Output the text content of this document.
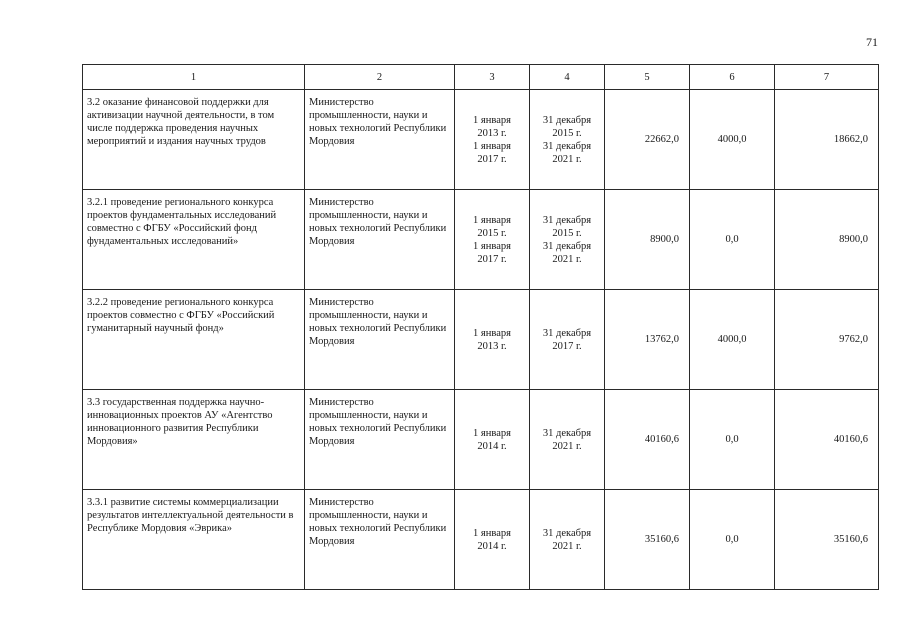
71
1	2	3	4	5	6	7
3.2 оказание финансовой поддержки для активизации научной деятельности, в том числе поддержка проведения научных мероприятий и издания научных трудов	Министерство промышленности, науки и новых технологий Республики Мордовия	1 января
2013 г.
1 января
2017 г.	31 декабря
2015 г.
31 декабря
2021 г.	22662,0	4000,0	18662,0
3.2.1 проведение регионального конкурса проектов фундаментальных исследований совместно с ФГБУ «Российский фонд фундаментальных исследований»	Министерство промышленности, науки и новых технологий Республики Мордовия	1 января
2015 г.
1 января
2017 г.	31 декабря
2015 г.
31 декабря
2021 г.	8900,0	0,0	8900,0
3.2.2 проведение регионального конкурса проектов совместно с ФГБУ «Российский гуманитарный научный фонд»	Министерство промышленности, науки и новых технологий Республики Мордовия	1 января
2013 г.	31 декабря
2017 г.	13762,0	4000,0	9762,0
3.3 государственная поддержка научно-инновационных проектов АУ «Агентство инновационного развития Республики Мордовия»	Министерство промышленности, науки и новых технологий Республики Мордовия	1 января
2014 г.	31 декабря
2021 г.	40160,6	0,0	40160,6
3.3.1 развитие системы коммерциализации результатов интеллектуальной деятельности в Республике Мордовия «Эврика»	Министерство промышленности, науки и новых технологий Республики Мордовия	1 января
2014 г.	31 декабря
2021 г.	35160,6	0,0	35160,6
